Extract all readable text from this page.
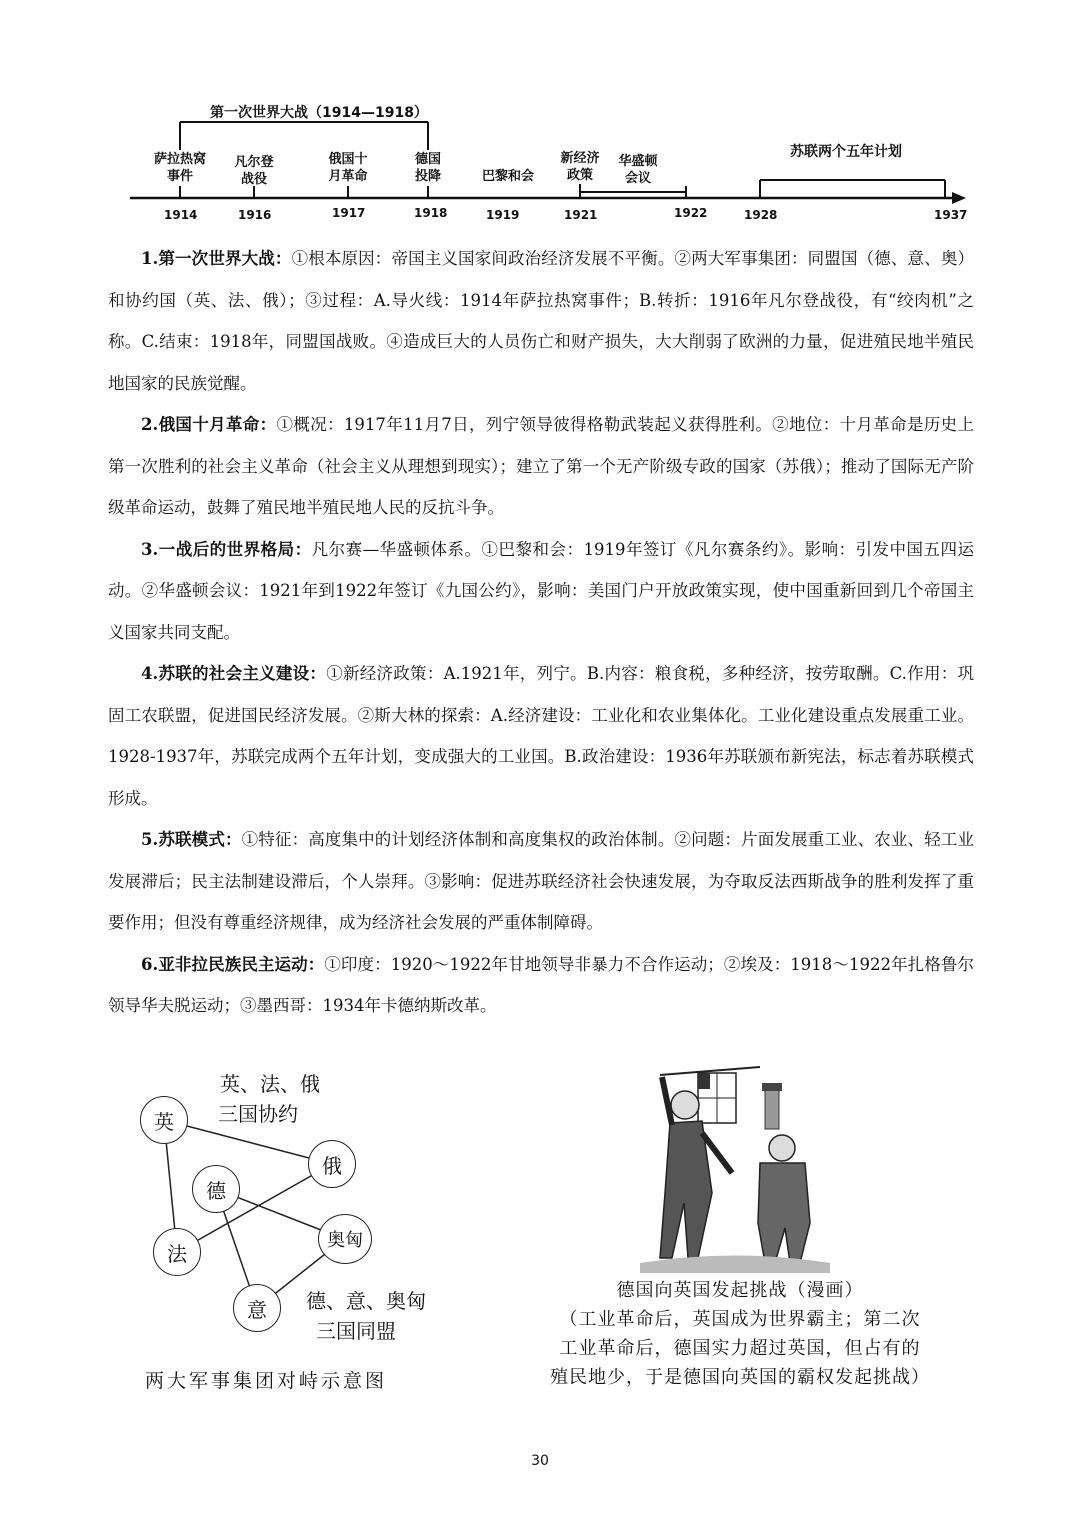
第一次世界大战（1914—1918）
苏联两个五年计划
萨拉热窝
事件
凡尔登
战役
俄国十
月革命
德国
投降	巴黎和会
新经济
政策
华盛顿
会议
1914	1916	1917	1918	1919	1921	1922	1928	1937

1.第一次世界大战：①根本原因：帝国主义国家间政治经济发展不平衡。②两大军事集团：同盟国（德、意、奥）和协约国（英、法、俄）；③过程：A.导火线：1914年萨拉热窝事件；B.转折：1916年凡尔登战役，有“绞肉机”之称。C.结束：1918年，同盟国战败。④造成巨大的人员伤亡和财产损失，大大削弱了欧洲的力量，促进殖民地半殖民地国家的民族觉醒。

2.俄国十月革命：①概况：1917年11月7日，列宁领导彼得格勒武装起义获得胜利。②地位：十月革命是历史上第一次胜利的社会主义革命（社会主义从理想到现实）；建立了第一个无产阶级专政的国家（苏俄）；推动了国际无产阶级革命运动，鼓舞了殖民地半殖民地人民的反抗斗争。

3.一战后的世界格局：凡尔赛—华盛顿体系。①巴黎和会：1919年签订《凡尔赛条约》。影响：引发中国五四运动。②华盛顿会议：1921年到1922年签订《九国公约》，影响：美国门户开放政策实现，使中国重新回到几个帝国主义国家共同支配。

4.苏联的社会主义建设：①新经济政策：A.1921年，列宁。B.内容：粮食税，多种经济，按劳取酬。C.作用：巩固工农联盟，促进国民经济发展。②斯大林的探索：A.经济建设：工业化和农业集体化。工业化建设重点发展重工业。1928-1937年，苏联完成两个五年计划，变成强大的工业国。B.政治建设：1936年苏联颁布新宪法，标志着苏联模式形成。

5.苏联模式：①特征：高度集中的计划经济体制和高度集权的政治体制。②问题：片面发展重工业、农业、轻工业发展滞后；民主法制建设滞后，个人崇拜。③影响：促进苏联经济社会快速发展，为夺取反法西斯战争的胜利发挥了重要作用；但没有尊重经济规律，成为经济社会发展的严重体制障碍。

6.亚非拉民族民主运动：①印度：1920～1922年甘地领导非暴力不合作运动；②埃及：1918～1922年扎格鲁尔领导华夫脱运动；③墨西哥：1934年卡德纳斯改革。

英
俄
德
法
奥匈
意
英、法、俄
三国协约
德、意、奥匈
三国同盟
两大军事集团对峙示意图
德国向英国发起挑战（漫画）
（工业革命后，英国成为世界霸主；第二次
工业革命后，德国实力超过英国，但占有的
殖民地少，于是德国向英国的霸权发起挑战）
30
